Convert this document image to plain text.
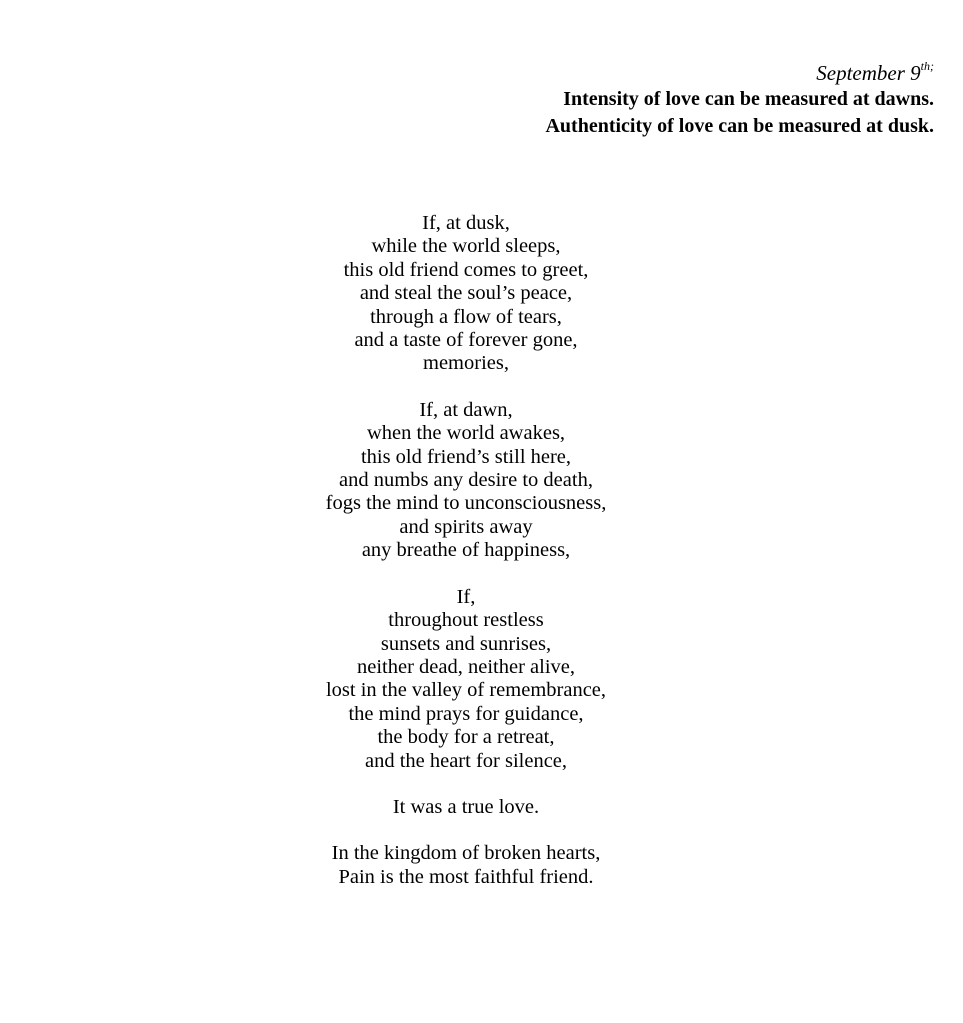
September $9^{th;}$
Intensity of love can be measured at dawns.
Authenticity of love can be measured at dusk.
If, at dusk,
while the world sleeps,
this old friend comes to greet,
and steal the soul’s peace,
through a flow of tears,
and a taste of forever gone,
memories,
If, at dawn,
when the world awakes,
this old friend’s still here,
and numbs any desire to death,
fogs the mind to unconsciousness,
and spirits away
any breathe of happiness,
If,
throughout restless
sunsets and sunrises,
neither dead, neither alive,
lost in the valley of remembrance,
the mind prays for guidance,
the body for a retreat,
and the heart for silence,
It was a true love.
In the kingdom of broken hearts,
Pain is the most faithful friend.
